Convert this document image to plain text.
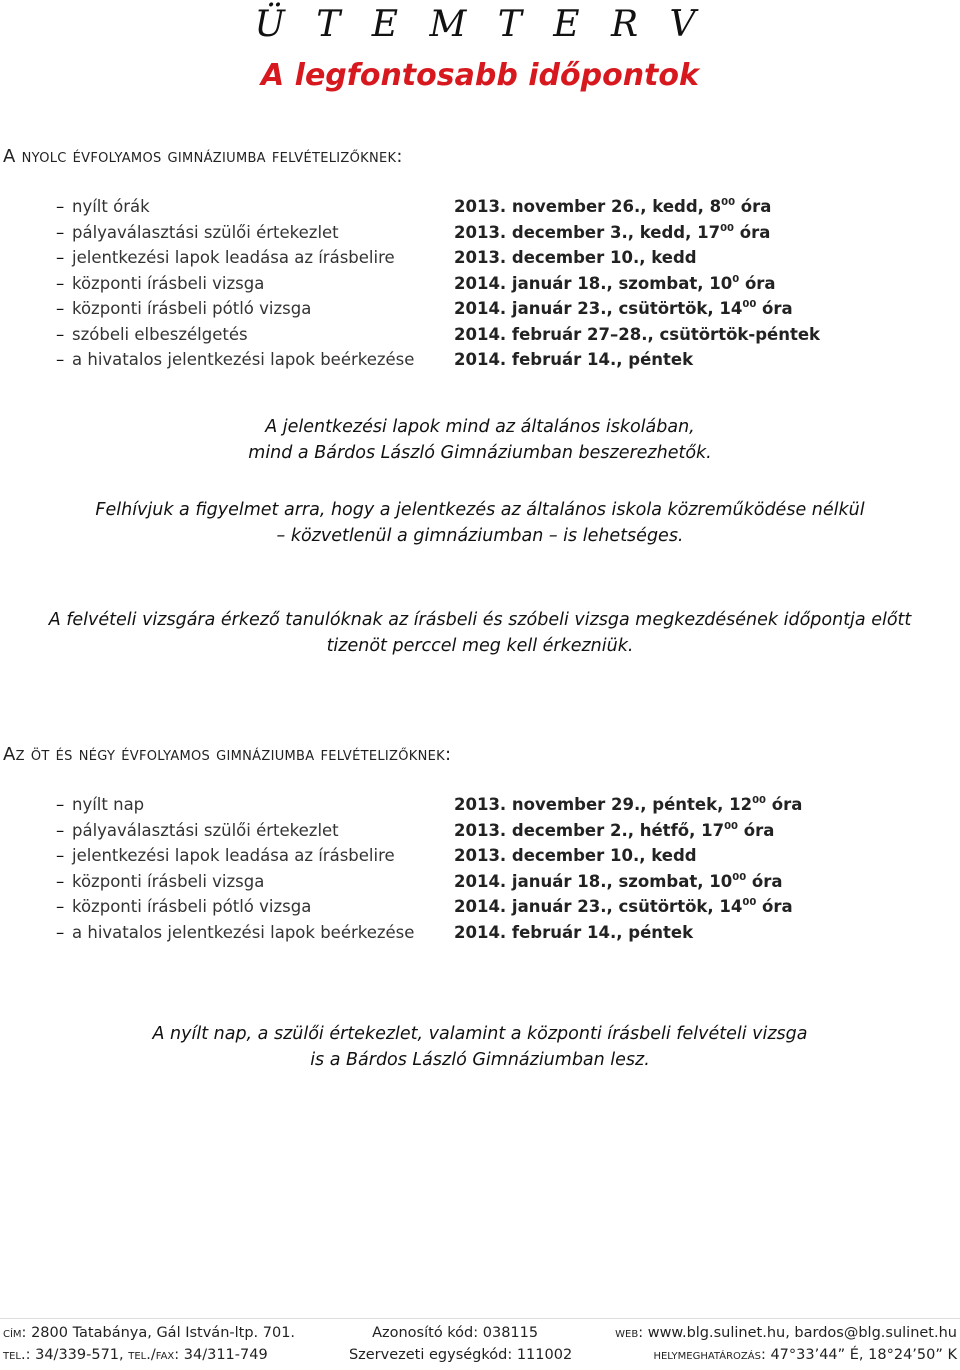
Ü T E M T E R V
A legfontosabb időpontok
A nyolc évfolyamos gimnáziumba felvételizőknek:
– nyílt órák	2013. november 26., kedd, $8^{00}$ óra
– pályaválasztási szülői értekezlet	2013. december 3., kedd, $17^{00}$ óra
– jelentkezési lapok leadása az írásbelire	2013. december 10., kedd
– központi írásbeli vizsga	2014. január 18., szombat, $10^0$ óra
– központi írásbeli pótló vizsga	2014. január 23., csütörtök, $14^{00}$ óra
– szóbeli elbeszélgetés	2014. február 27–28., csütörtök-péntek
– a hivatalos jelentkezési lapok beérkezése 2014. február 14., péntek

A jelentkezési lapok mind az általános iskolában,
mind a Bárdos László Gimnáziumban beszerezhetők.

Felhívjuk a figyelmet arra, hogy a jelentkezés az általános iskola közreműködése nélkül
– közvetlenül a gimnáziumban – is lehetséges.

A felvételi vizsgára érkező tanulóknak az írásbeli és szóbeli vizsga megkezdésének időpontja előtt
tizenöt perccel meg kell érkezniük.

Az öt és négy évfolyamos gimnáziumba felvételizőknek:
– nyílt nap	2013. november 29., péntek, $12^{00}$ óra
– pályaválasztási szülői értekezlet	2013. december 2., hétfő, $17^{00}$ óra
– jelentkezési lapok leadása az írásbelire	2013. december 10., kedd
– központi írásbeli vizsga	2014. január 18., szombat, $10^{00}$ óra
– központi írásbeli pótló vizsga	2014. január 23., csütörtök, $14^{00}$ óra
– a hivatalos jelentkezési lapok beérkezése 2014. február 14., péntek

A nyílt nap, a szülői értekezlet, valamint a központi írásbeli felvételi vizsga
is a Bárdos László Gimnáziumban lesz.

cím: 2800 Tatabánya, Gál István-ltp. 701.	Azonosító kód: 038115	web: www.blg.sulinet.hu, bardos@blg.sulinet.hu
tel.: 34/339-571, tel./fax: 34/311-749	Szervezeti egységkód: 111002	helymeghatározás: 47°33’44” É, 18°24’50” K
